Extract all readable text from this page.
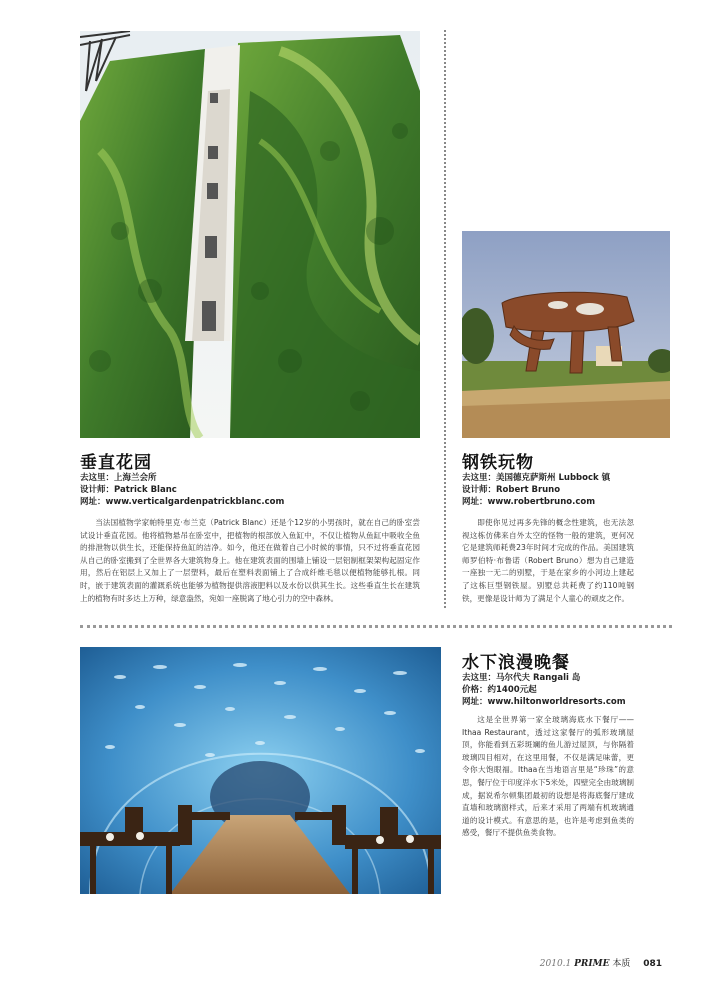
垂直花园
去这里：上海兰会所
设计师：Patrick Blanc
网址：www.verticalgardenpatrickblanc.com

当法国植物学家帕特里克·布兰克（Patrick Blanc）还是个12岁的小男孩时，就在自己的卧室尝试设计垂直花园。他将植物悬吊在卧室中，把植物的根部放入鱼缸中，不仅让植物从鱼缸中吸收全鱼的排泄物以供生长，还能保持鱼缸的洁净。如今，他还在做着自己小时候的事情，只不过将垂直花园从自己的卧室搬到了全世界各大建筑物身上。他在建筑表面的围墙上铺设一层铝制框架架构起固定作用，然后在铝层上又加上了一层塑料，最后在塑料表面铺上了合成纤维毛毯以便植物能够扎根。同时，嵌于建筑表面的灌溉系统也能够为植物提供溶液肥料以及水份以供其生长。这些垂直生长在建筑上的植物有时多达上万种，绿意盎然，宛如一座脱离了地心引力的空中森林。

钢铁玩物
去这里：美国德克萨斯州 Lubbock 镇
设计师：Robert Bruno
网址：www.robertbruno.com

即使你见过再多先锋的概念性建筑，也无法忽视这栋仿佛来自外太空的怪物一般的建筑，更何况它是建筑师耗费23年时间才完成的作品。美国建筑师罗伯特·布鲁诺（Robert Bruno）想为自己建造一座独一无二的别墅，于是在家乡的小河边上建起了这栋巨型钢铁屋。别墅总共耗费了约110吨钢铁，更像是设计师为了满足个人童心的顽皮之作。

水下浪漫晚餐
去这里：马尔代夫 Rangali 岛
价格：约1400元起
网址：www.hiltonworldresorts.com

这是全世界第一家全玻璃海底水下餐厅——Ithaa Restaurant，透过这家餐厅的弧形玻璃屋顶，你能看到五彩斑斓的鱼儿游过屋顶，与你隔着玻璃四目相对，在这里用餐，不仅是满足味蕾，更令你大饱眼福。Ithaa在当地语言里是“珍珠”的意思，餐厅位于印度洋水下5米处，四壁完全由玻璃制成，据说希尔顿集团最初的设想是将海底餐厅建成直墙和玻璃窗样式，后来才采用了两端有机玻璃通道的设计模式。有意思的是，也许是考虑到鱼类的感受，餐厅不提供鱼类食物。

2010.1 PRIME 本质 081
